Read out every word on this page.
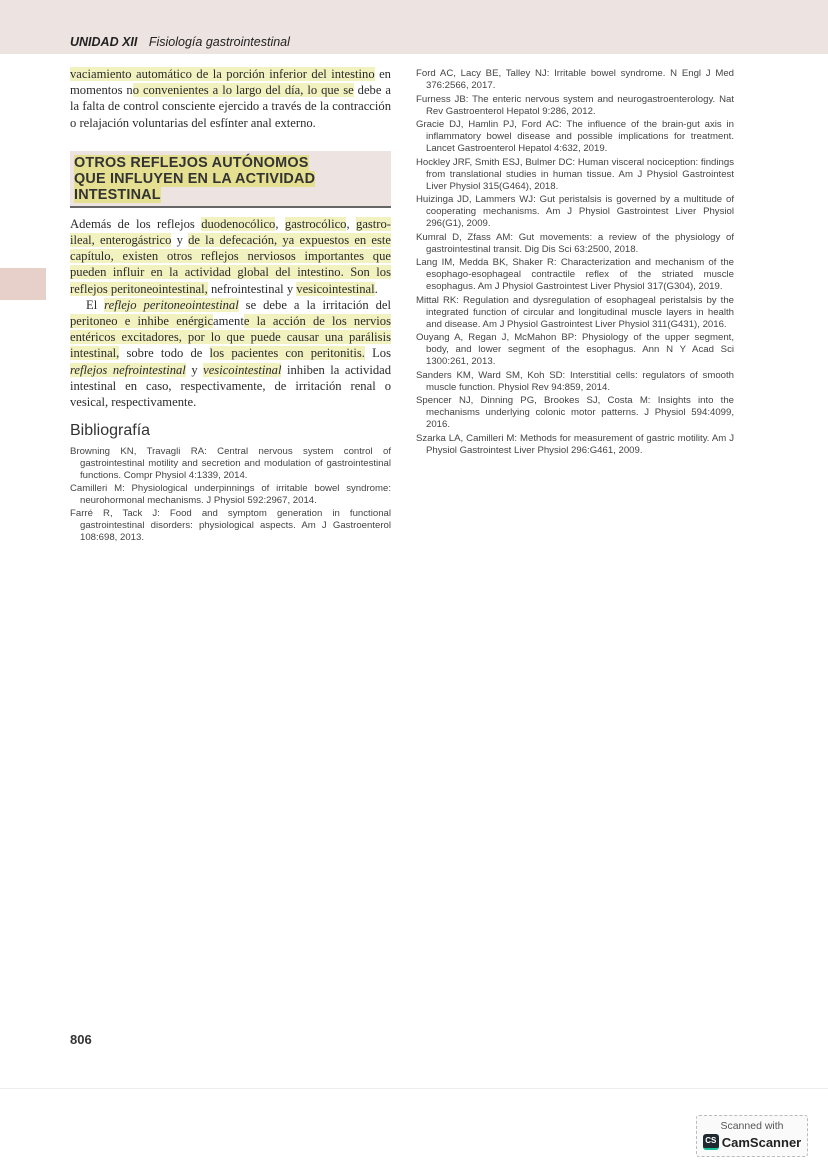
UNIDAD XII Fisiología gastrointestinal

vaciamiento automático de la porción inferior del intestino en momentos no convenientes a lo largo del día, lo que se debe a la falta de control consciente ejercido a través de la contracción o relajación voluntarias del esfínter anal externo.

OTROS REFLEJOS AUTÓNOMOS
QUE INFLUYEN EN LA ACTIVIDAD
INTESTINAL

Además de los reflejos duodenocólico, gastrocólico, gastro-ileal, enterogástrico y de la defecación, ya expuestos en este capítulo, existen otros reflejos nerviosos importantes que pueden influir en la actividad global del intestino. Son los reflejos peritoneointestinal, nefrointestinal y vesicointestinal.

El reflejo peritoneointestinal se debe a la irritación del peritoneo e inhibe enérgicamente la acción de los nervios entéricos excitadores, por lo que puede causar una parálisis intestinal, sobre todo de los pacientes con peritonitis. Los reflejos nefrointestinal y vesicointestinal inhiben la actividad intestinal en caso, respectivamente, de irritación renal o vesical, respectivamente.

Bibliografía

Browning KN, Travagli RA: Central nervous system control of gastrointestinal motility and secretion and modulation of gastrointestinal functions. Compr Physiol 4:1339, 2014.

Camilleri M: Physiological underpinnings of irritable bowel syndrome: neurohormonal mechanisms. J Physiol 592:2967, 2014.

Farré R, Tack J: Food and symptom generation in functional gastrointestinal disorders: physiological aspects. Am J Gastroenterol 108:698, 2013.

Ford AC, Lacy BE, Talley NJ: Irritable bowel syndrome. N Engl J Med 376:2566, 2017.

Furness JB: The enteric nervous system and neurogastroenterology. Nat Rev Gastroenterol Hepatol 9:286, 2012.

Gracie DJ, Hamlin PJ, Ford AC: The influence of the brain-gut axis in inflammatory bowel disease and possible implications for treatment. Lancet Gastroenterol Hepatol 4:632, 2019.

Hockley JRF, Smith ESJ, Bulmer DC: Human visceral nociception: findings from translational studies in human tissue. Am J Physiol Gastrointest Liver Physiol 315(G464), 2018.

Huizinga JD, Lammers WJ: Gut peristalsis is governed by a multitude of cooperating mechanisms. Am J Physiol Gastrointest Liver Physiol 296(G1), 2009.

Kumral D, Zfass AM: Gut movements: a review of the physiology of gastrointestinal transit. Dig Dis Sci 63:2500, 2018.

Lang IM, Medda BK, Shaker R: Characterization and mechanism of the esophago-esophageal contractile reflex of the striated muscle esophagus. Am J Physiol Gastrointest Liver Physiol 317(G304), 2019.

Mittal RK: Regulation and dysregulation of esophageal peristalsis by the integrated function of circular and longitudinal muscle layers in health and disease. Am J Physiol Gastrointest Liver Physiol 311(G431), 2016.

Ouyang A, Regan J, McMahon BP: Physiology of the upper segment, body, and lower segment of the esophagus. Ann N Y Acad Sci 1300:261, 2013.

Sanders KM, Ward SM, Koh SD: Interstitial cells: regulators of smooth muscle function. Physiol Rev 94:859, 2014.

Spencer NJ, Dinning PG, Brookes SJ, Costa M: Insights into the mechanisms underlying colonic motor patterns. J Physiol 594:4099, 2016.

Szarka LA, Camilleri M: Methods for measurement of gastric motility. Am J Physiol Gastrointest Liver Physiol 296:G461, 2009.

806
Scanned with
CS CamScanner
